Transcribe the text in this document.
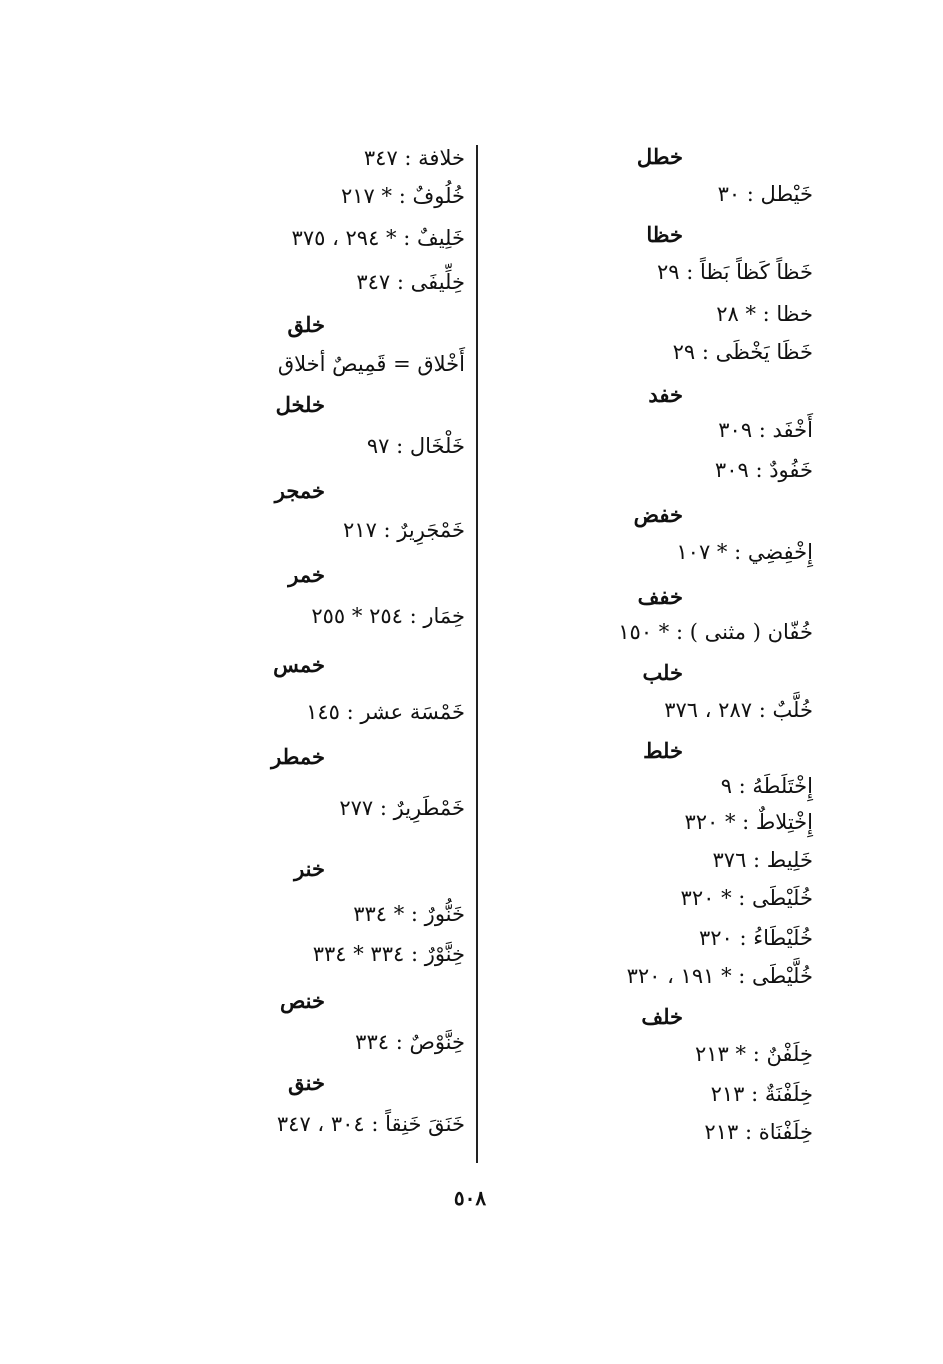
خطل
خَيْطل : ٣٠
خظا
خَظاً كَظاً بَظاً : ٢٩
خظا : * ٢٨
خَظَا يَخْظَى : ٢٩
خفد
أَخْفَد : ٣٠٩
خَفُودٌ : ٣٠٩
خفض
إِخْفِضِي : * ١٠٧
خفف
خُفّان ( مثنى ) : * ١٥٠
خلب
خُلَّبٌ : ٢٨٧ ، ٣٧٦
خلط
إِخْتَلَطَهُ : ٩
إِخْتِلاطٌ : * ٣٢٠
خَلِيط : ٣٧٦
خُلَيْطَى : * ٣٢٠
خُلَيْطَاءُ : ٣٢٠
خُلَّيْطَى : * ١٩١ ، ٣٢٠
خلف
خِلَفْنٌ : * ٢١٣
خِلَفْنَةٌ : ٢١٣
خِلَفْنَاة : ٢١٣
خلافة : ٣٤٧
خُلُوفٌ : * ٢١٧
خَلِيفٌ : * ٢٩٤ ، ٣٧٥
خِلِّيفَى : ٣٤٧
خلق
أَخْلاق = قَمِيصٌ أخلاق
خلخل
خَلْخَال : ٩٧
خمجر
خَمْجَرِيرٌ : ٢١٧
خمر
خِمَار : ٢٥٤ * ٢٥٥
خمس
خَمْسَة عشر : ١٤٥
خمطر
خَمْطَرِيرٌ : ٢٧٧
خنر
خَنُّورٌ : * ٣٣٤
خِنَّوْرٌ : ٣٣٤ * ٣٣٤
خنص
خِنَّوْصٌ : ٣٣٤
خنق
خَنَقَ خَنِقاً : ٣٠٤ ، ٣٤٧
٥٠٨
